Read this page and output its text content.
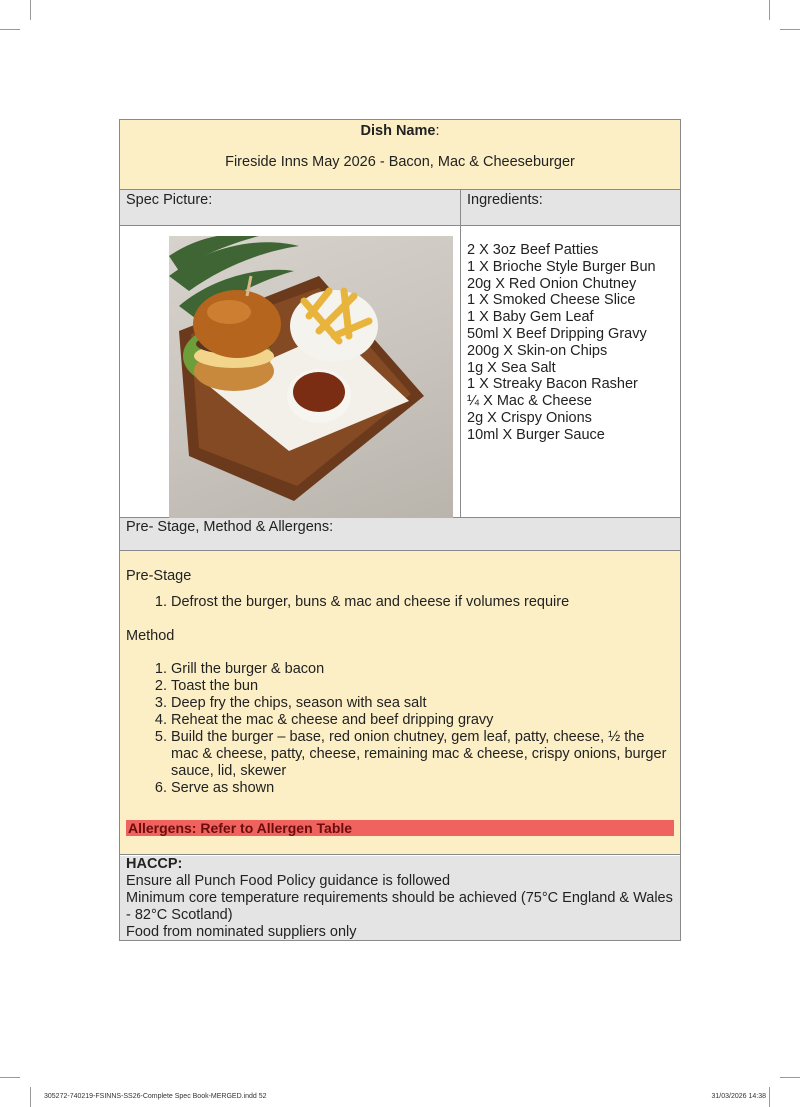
Dish Name:
Fireside Inns May 2026 - Bacon, Mac & Cheeseburger
Spec Picture:	Ingredients:
2 X 3oz Beef Patties
1 X Brioche Style Burger Bun
20g X Red Onion Chutney
1 X Smoked Cheese Slice
1 X Baby Gem Leaf
50ml X Beef Dripping Gravy
200g X Skin-on Chips
1g X Sea Salt
1 X Streaky Bacon Rasher
¼ X Mac & Cheese
2g X Crispy Onions
10ml X Burger Sauce
Pre- Stage, Method & Allergens:

Pre-Stage

1. Defrost the burger, buns & mac and cheese if volumes require

Method

1. Grill the burger & bacon
2. Toast the bun
3. Deep fry the chips, season with sea salt
4. Reheat the mac & cheese and beef dripping gravy
5. Build the burger – base, red onion chutney, gem leaf, patty, cheese, ½ the mac & cheese, patty, cheese, remaining mac & cheese, crispy onions, burger sauce, lid, skewer
6. Serve as shown
Allergens: Refer to Allergen Table
HACCP:
Ensure all Punch Food Policy guidance is followed
Minimum core temperature requirements should be achieved (75°C England & Wales - 82°C Scotland)
Food from nominated suppliers only
305272-740219-FSINNS-SS26-Complete Spec Book-MERGED.indd 52	31/03/2026 14:38
